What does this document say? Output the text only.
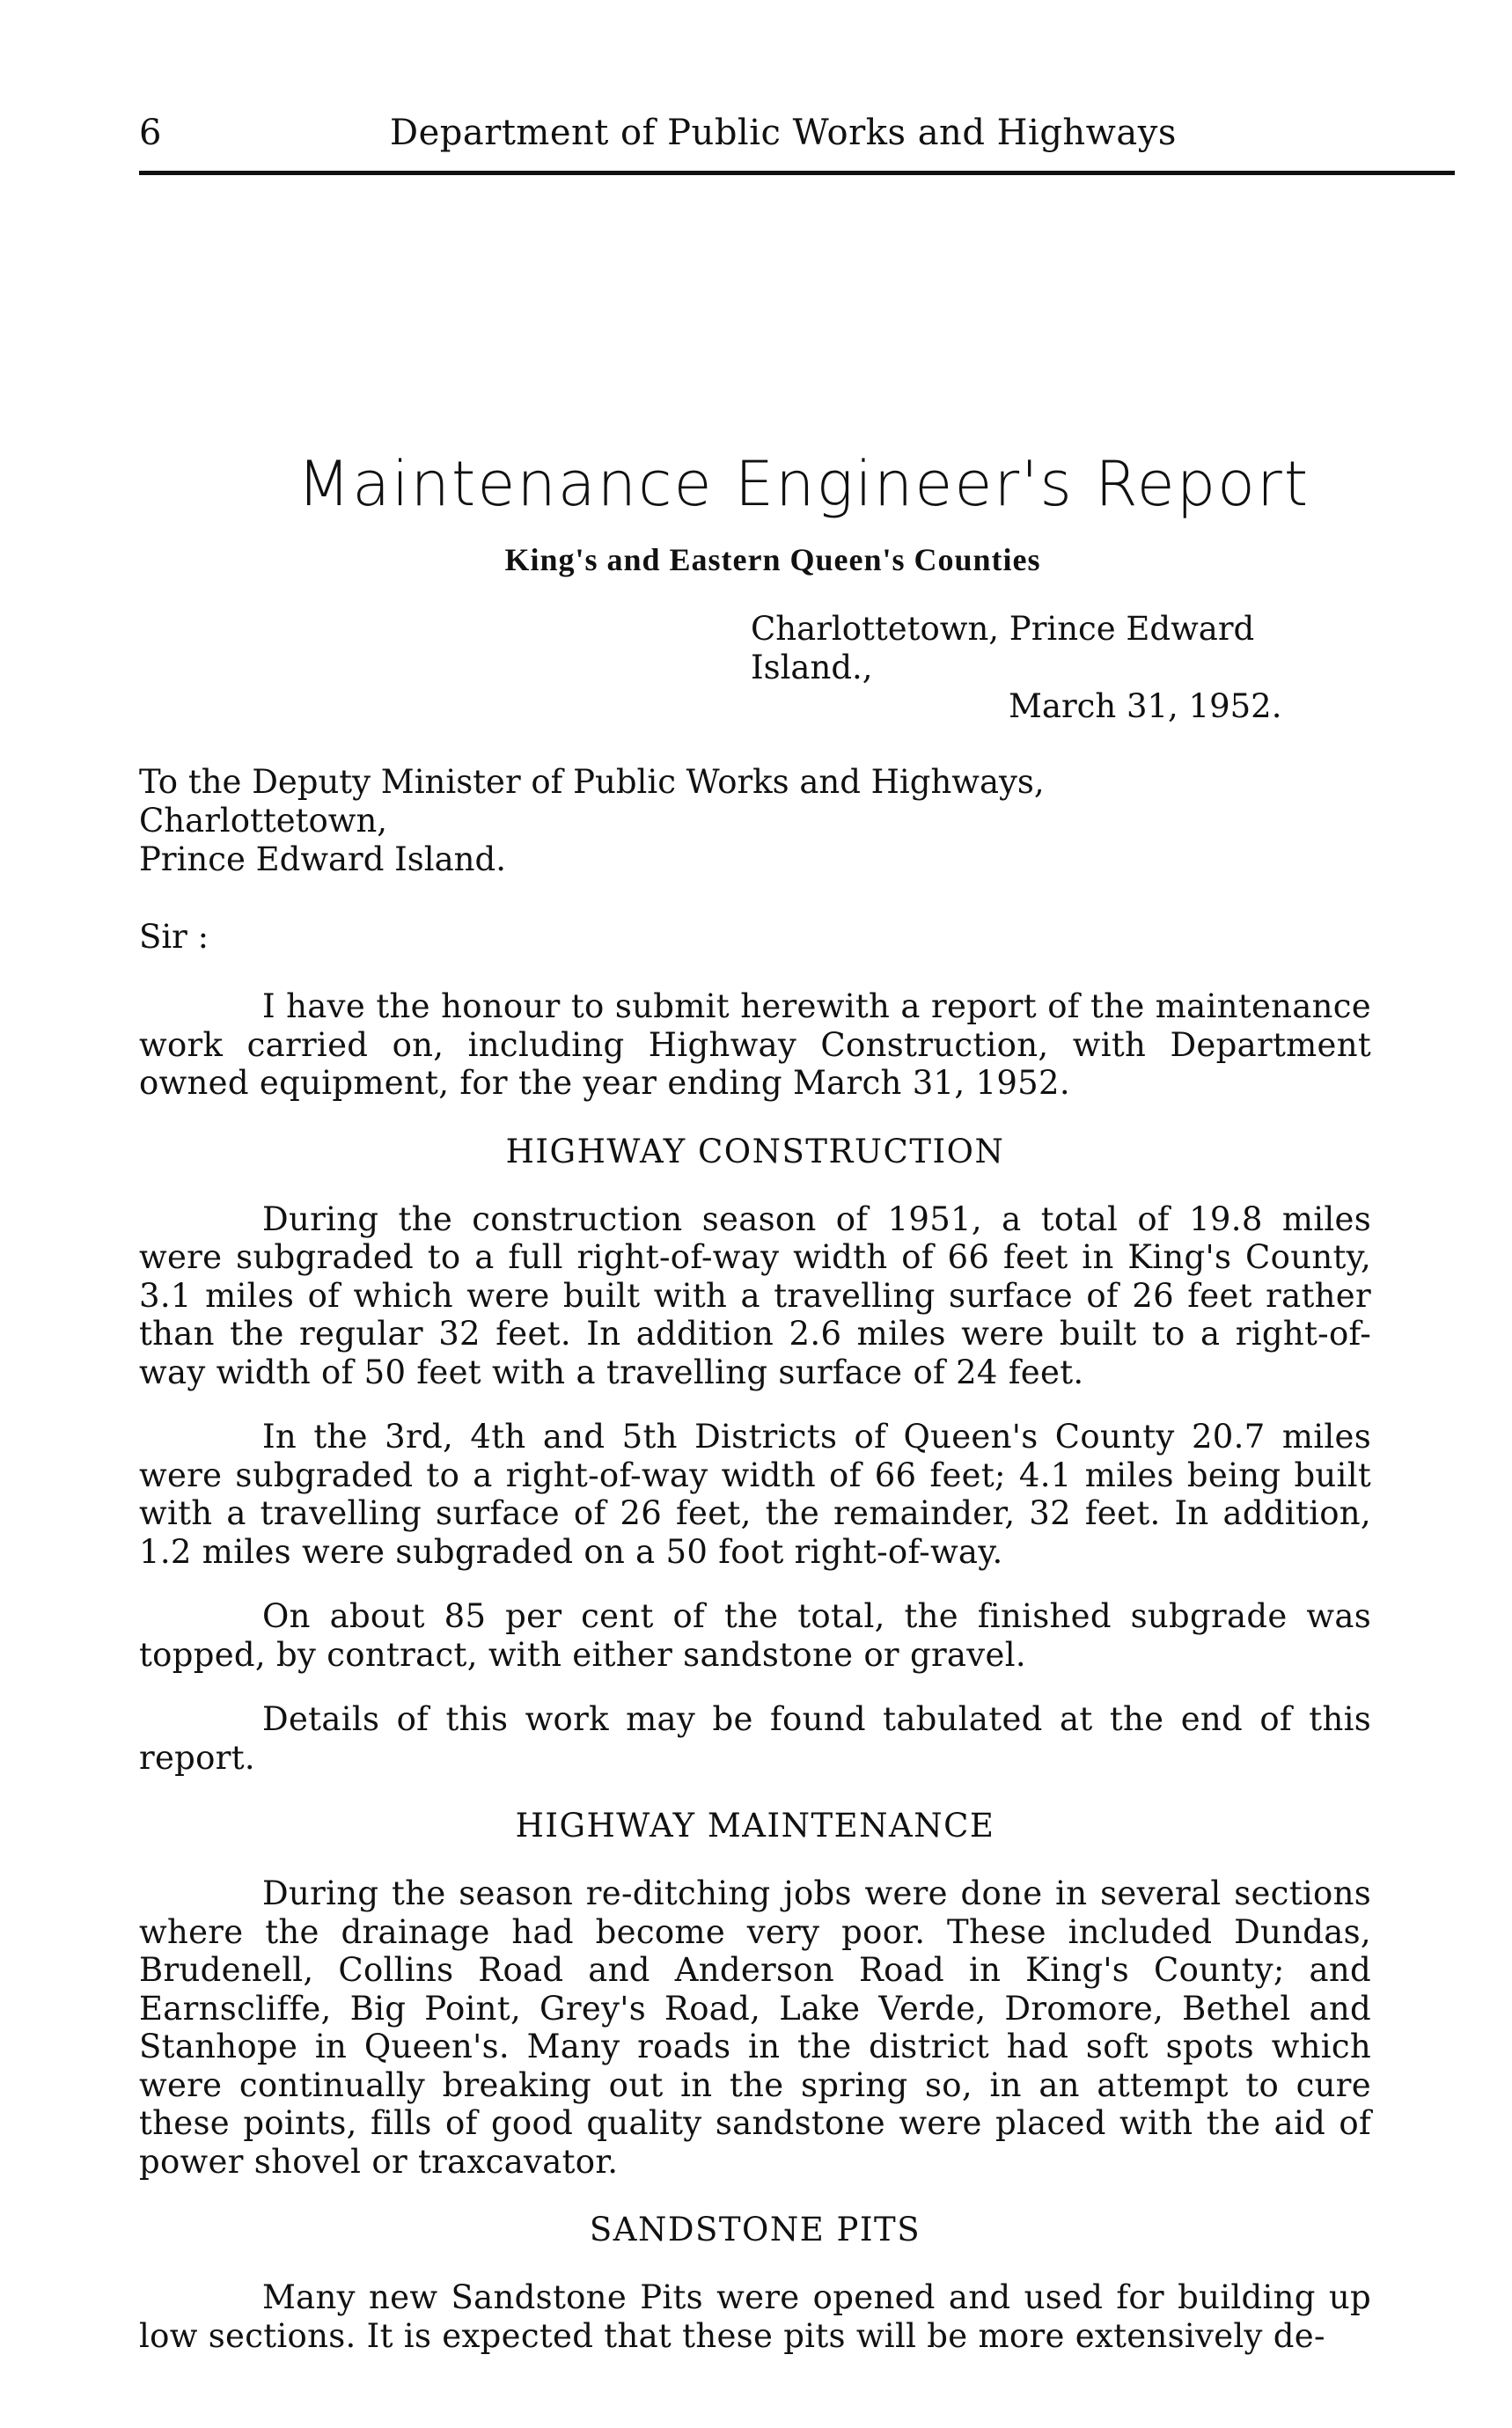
6	Department of Public Works and Highways
Maintenance Engineer's Report
King's and Eastern Queen's Counties
Charlottetown, Prince Edward Island.,
March 31, 1952.
To the Deputy Minister of Public Works and Highways,
Charlottetown,
Prince Edward Island.
Sir :

I have the honour to submit herewith a report of the maintenance work carried on, including Highway Construction, with Department owned equipment, for the year ending March 31, 1952.

HIGHWAY CONSTRUCTION

During the construction season of 1951, a total of 19.8 miles were subgraded to a full right-of-way width of 66 feet in King's County, 3.1 miles of which were built with a travelling surface of 26 feet rather than the regular 32 feet. In addition 2.6 miles were built to a right-of-way width of 50 feet with a travelling surface of 24 feet.

In the 3rd, 4th and 5th Districts of Queen's County 20.7 miles were subgraded to a right-of-way width of 66 feet; 4.1 miles being built with a travelling surface of 26 feet, the remainder, 32 feet. In addition, 1.2 miles were subgraded on a 50 foot right-of-way.

On about 85 per cent of the total, the finished subgrade was topped, by contract, with either sandstone or gravel.

Details of this work may be found tabulated at the end of this report.

HIGHWAY MAINTENANCE

During the season re-ditching jobs were done in several sections where the drainage had become very poor. These included Dundas, Brudenell, Collins Road and Anderson Road in King's County; and Earnscliffe, Big Point, Grey's Road, Lake Verde, Dromore, Bethel and Stanhope in Queen's. Many roads in the district had soft spots which were continually breaking out in the spring so, in an attempt to cure these points, fills of good quality sandstone were placed with the aid of power shovel or traxcavator.

SANDSTONE PITS

Many new Sandstone Pits were opened and used for building up low sections. It is expected that these pits will be more extensively de-
